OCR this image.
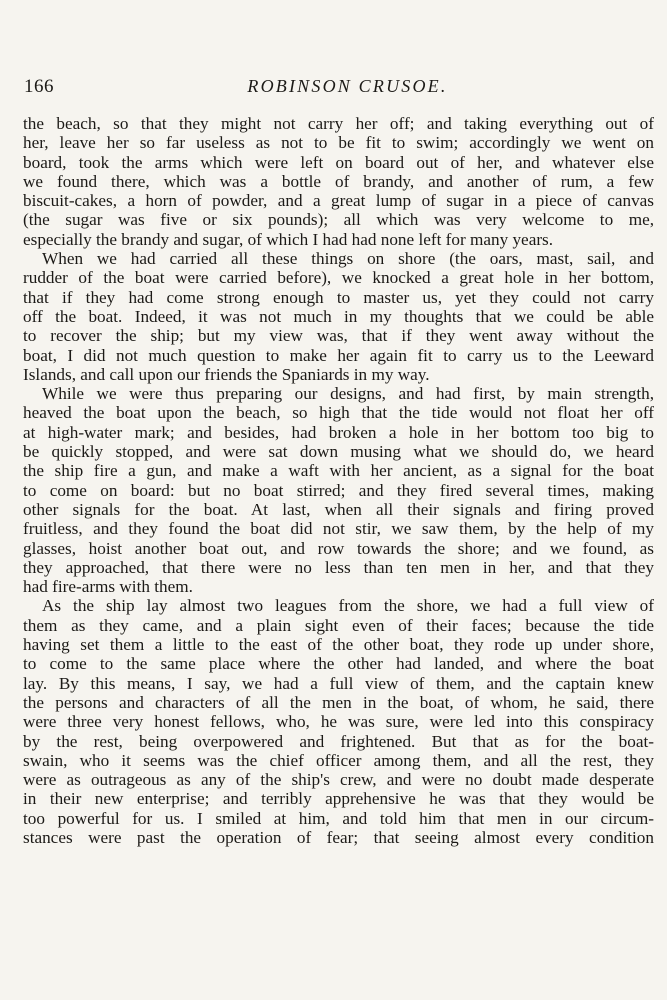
166	ROBINSON CRUSOE.
the beach, so that they might not carry her off; and taking everything out of
her, leave her so far useless as not to be fit to swim; accordingly we went on
board, took the arms which were left on board out of her, and whatever else
we found there, which was a bottle of brandy, and another of rum, a few
biscuit-cakes, a horn of powder, and a great lump of sugar in a piece of canvas
(the sugar was five or six pounds); all which was very welcome to me,
especially the brandy and sugar, of which I had had none left for many years.
When we had carried all these things on shore (the oars, mast, sail, and
rudder of the boat were carried before), we knocked a great hole in her bottom,
that if they had come strong enough to master us, yet they could not carry
off the boat. Indeed, it was not much in my thoughts that we could be able
to recover the ship; but my view was, that if they went away without the
boat, I did not much question to make her again fit to carry us to the Leeward
Islands, and call upon our friends the Spaniards in my way.
While we were thus preparing our designs, and had first, by main strength,
heaved the boat upon the beach, so high that the tide would not float her off
at high-water mark; and besides, had broken a hole in her bottom too big to
be quickly stopped, and were sat down musing what we should do, we heard
the ship fire a gun, and make a waft with her ancient, as a signal for the boat
to come on board: but no boat stirred; and they fired several times, making
other signals for the boat. At last, when all their signals and firing proved
fruitless, and they found the boat did not stir, we saw them, by the help of my
glasses, hoist another boat out, and row towards the shore; and we found, as
they approached, that there were no less than ten men in her, and that they
had fire-arms with them.
As the ship lay almost two leagues from the shore, we had a full view of
them as they came, and a plain sight even of their faces; because the tide
having set them a little to the east of the other boat, they rode up under shore,
to come to the same place where the other had landed, and where the boat
lay. By this means, I say, we had a full view of them, and the captain knew
the persons and characters of all the men in the boat, of whom, he said, there
were three very honest fellows, who, he was sure, were led into this conspiracy
by the rest, being overpowered and frightened. But that as for the boat-
swain, who it seems was the chief officer among them, and all the rest, they
were as outrageous as any of the ship's crew, and were no doubt made desperate
in their new enterprise; and terribly apprehensive he was that they would be
too powerful for us. I smiled at him, and told him that men in our circum-
stances were past the operation of fear; that seeing almost every condition
